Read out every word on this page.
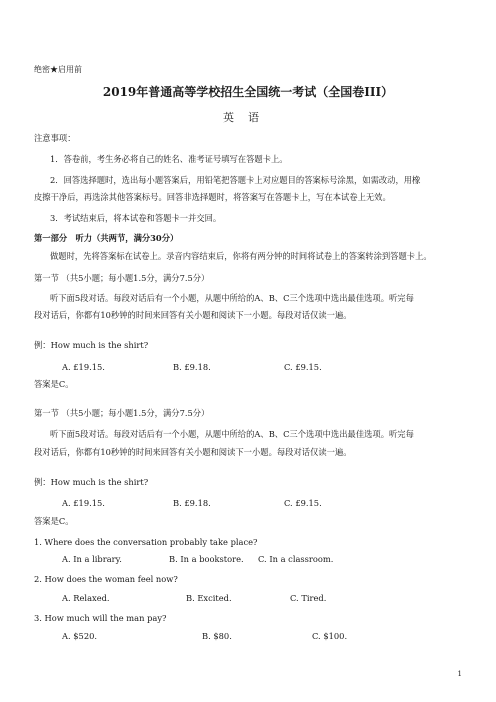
绝密★启用前
2019年普通高等学校招生全国统一考试（全国卷III）
英语
注意事项：
1．答卷前，考生务必将自己的姓名、准考证号填写在答题卡上。
2．回答选择题时，选出每小题答案后，用铅笔把答题卡上对应题目的答案标号涂黑，如需改动，用橡
皮擦干净后，再选涂其他答案标号。回答非选择题时，将答案写在答题卡上，写在本试卷上无效。
3．考试结束后，将本试卷和答题卡一并交回。
第一部分　听力（共两节，满分30分）
做题时，先将答案标在试卷上。录音内容结束后，你将有两分钟的时间将试卷上的答案转涂到答题卡上。
第一节 （共5小题；每小题1.5分，满分7.5分）
听下面5段对话。每段对话后有一个小题，从题中所给的A、B、C三个选项中选出最佳选项。听完每
段对话后，你都有10秒钟的时间来回答有关小题和阅读下一小题。每段对话仅读一遍。
例：How much is the shirt?
A. £19.15.	B. £9.18.	C. £9.15.
答案是C。
第一节 （共5小题；每小题1.5分，满分7.5分）
听下面5段对话。每段对话后有一个小题，从题中所给的A、B、C三个选项中选出最佳选项。听完每
段对话后，你都有10秒钟的时间来回答有关小题和阅读下一小题。每段对话仅读一遍。
例：How much is the shirt?
A. £19.15.	B. £9.18.	C. £9.15.
答案是C。
1. Where does the conversation probably take place?
A. In a library.	B. In a bookstore. C. In a classroom.
2. How does the woman feel now?
A. Relaxed.	B. Excited.	C. Tired.
3. How much will the man pay?
A. $520.	B. $80.	C. $100.
1
